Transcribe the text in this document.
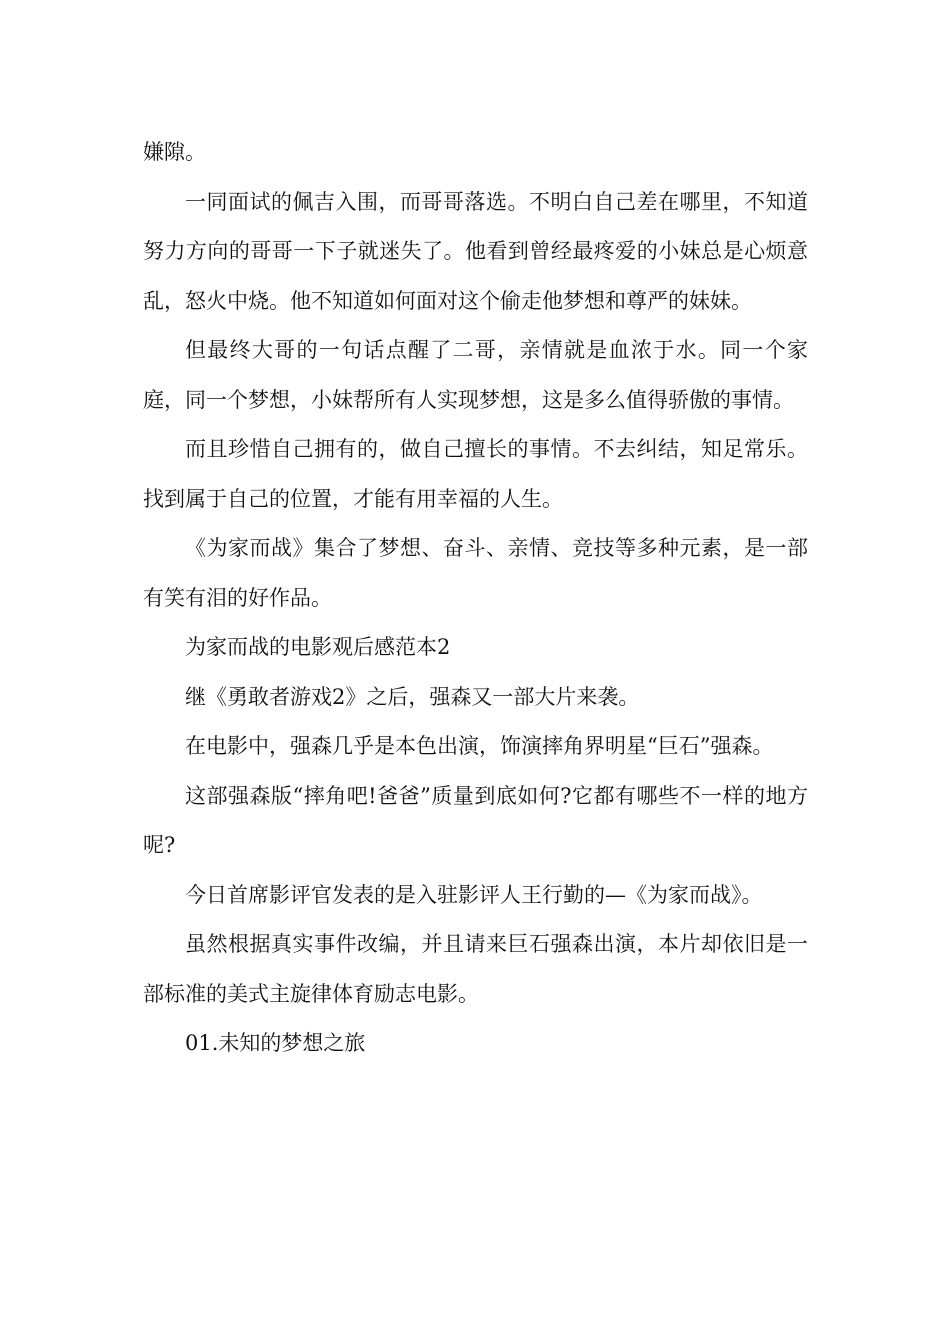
嫌隙。

一同面试的佩吉入围，而哥哥落选。不明白自己差在哪里，不知道努力方向的哥哥一下子就迷失了。他看到曾经最疼爱的小妹总是心烦意乱，怒火中烧。他不知道如何面对这个偷走他梦想和尊严的妹妹。

但最终大哥的一句话点醒了二哥，亲情就是血浓于水。同一个家庭，同一个梦想，小妹帮所有人实现梦想，这是多么值得骄傲的事情。

而且珍惜自己拥有的，做自己擅长的事情。不去纠结，知足常乐。找到属于自己的位置，才能有用幸福的人生。

《为家而战》集合了梦想、奋斗、亲情、竞技等多种元素，是一部有笑有泪的好作品。

为家而战的电影观后感范本2

继《勇敢者游戏2》之后，强森又一部大片来袭。

在电影中，强森几乎是本色出演，饰演摔角界明星“巨石”强森。

这部强森版“摔角吧!爸爸”质量到底如何?它都有哪些不一样的地方呢?

今日首席影评官发表的是入驻影评人王行勤的—《为家而战》。

虽然根据真实事件改编，并且请来巨石强森出演，本片却依旧是一部标准的美式主旋律体育励志电影。

01.未知的梦想之旅
